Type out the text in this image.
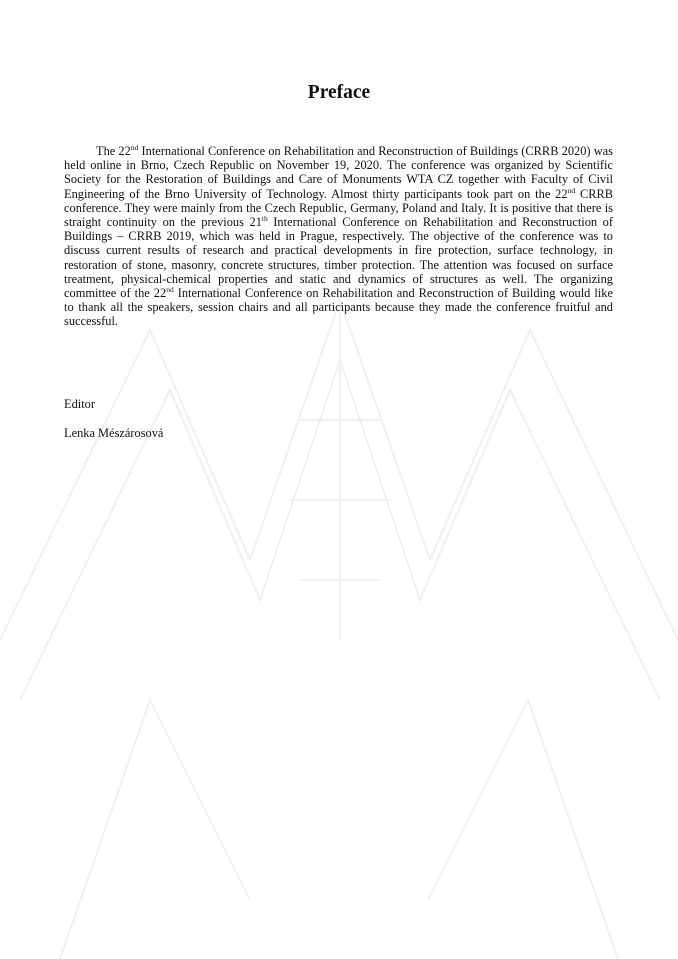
Preface

The 22nd International Conference on Rehabilitation and Reconstruction of Buildings (CRRB 2020) was held online in Brno, Czech Republic on November 19, 2020. The conference was organized by Scientific Society for the Restoration of Buildings and Care of Monuments WTA CZ together with Faculty of Civil Engineering of the Brno University of Technology. Almost thirty participants took part on the 22nd CRRB conference. They were mainly from the Czech Republic, Germany, Poland and Italy. It is positive that there is straight continuity on the previous 21th International Conference on Rehabilitation and Reconstruction of Buildings – CRRB 2019, which was held in Prague, respectively. The objective of the conference was to discuss current results of research and practical developments in fire protection, surface technology, in restoration of stone, masonry, concrete structures, timber protection. The attention was focused on surface treatment, physical-chemical properties and static and dynamics of structures as well. The organizing committee of the 22nd International Conference on Rehabilitation and Reconstruction of Building would like to thank all the speakers, session chairs and all participants because they made the conference fruitful and successful.

Editor

Lenka Mészárosová
